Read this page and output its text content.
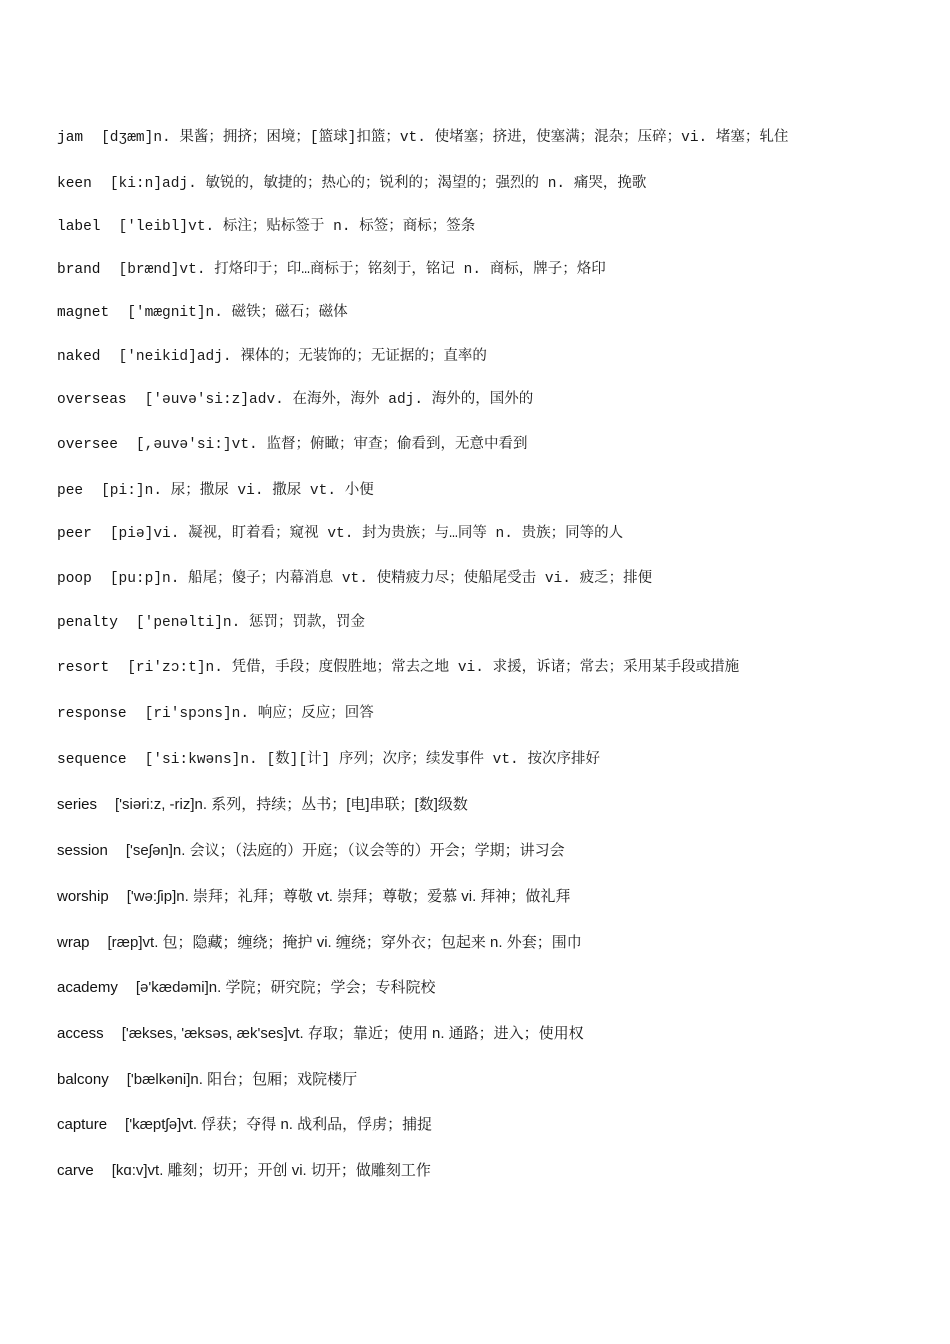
jam [dʒæm]n. 果酱；拥挤；困境；[篮球]扣篮；vt. 使堵塞；挤进，使塞满；混杂；压碎；vi. 堵塞；轧住
keen [ki:n]adj. 敏锐的，敏捷的；热心的；锐利的；渴望的；强烈的 n. 痛哭，挽歌
label ['leibl]vt. 标注；贴标签于 n. 标签；商标；签条
brand [brænd]vt. 打烙印于；印…商标于；铭刻于，铭记 n. 商标，牌子；烙印
magnet ['mægnit]n. 磁铁；磁石；磁体
naked ['neikid]adj. 裸体的；无装饰的；无证据的；直率的
overseas ['əuvə'si:z]adv. 在海外，海外 adj. 海外的，国外的
oversee [,əuvə'si:]vt. 监督；俯瞰；审查；偷看到，无意中看到
pee [pi:]n. 尿；撒尿 vi. 撒尿 vt. 小便
peer [piə]vi. 凝视，盯着看；窥视 vt. 封为贵族；与…同等 n. 贵族；同等的人
poop [pu:p]n. 船尾；傻子；内幕消息 vt. 使精疲力尽；使船尾受击 vi. 疲乏；排便
penalty ['penəlti]n. 惩罚；罚款，罚金
resort [ri'zɔ:t]n. 凭借，手段；度假胜地；常去之地 vi. 求援，诉诸；常去；采用某手段或措施
response [ri'spɔns]n. 响应；反应；回答
sequence ['si:kwəns]n. [数][计] 序列；次序；续发事件 vt. 按次序排好
series ['siəri:z, -riz]n. 系列，持续；丛书；[电]串联；[数]级数
session ['seʃən]n. 会议；（法庭的）开庭；（议会等的）开会；学期；讲习会
worship ['wə:ʃip]n. 崇拜；礼拜；尊敬 vt. 崇拜；尊敬；爱慕 vi. 拜神；做礼拜
wrap [ræp]vt. 包；隐藏；缠绕；掩护 vi. 缠绕；穿外衣；包起来 n. 外套；围巾
academy [ə'kædəmi]n. 学院；研究院；学会；专科院校
access ['ækses, 'æksəs, æk'ses]vt. 存取；靠近；使用 n. 通路；进入；使用权
balcony ['bælkəni]n. 阳台；包厢；戏院楼厅
capture ['kæptʃə]vt. 俘获；夺得 n. 战利品，俘虏；捕捉
carve [kɑ:v]vt. 雕刻；切开；开创 vi. 切开；做雕刻工作
